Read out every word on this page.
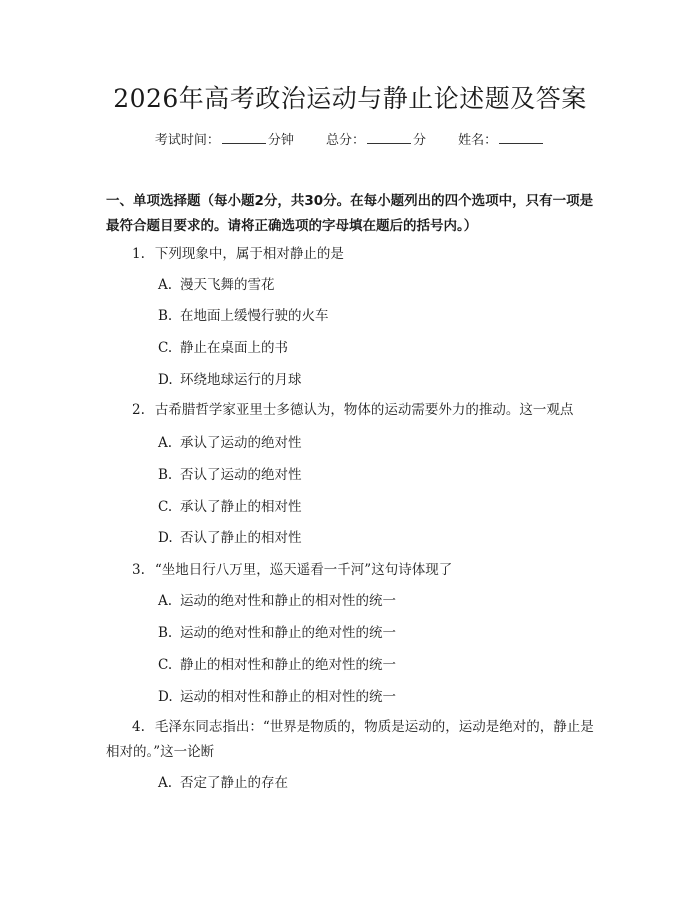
2026年高考政治运动与静止论述题及答案
考试时间：	分钟 总分：	分 姓名：
一、单项选择题（每小题2分，共30分。在每小题列出的四个选项中，只有一项是最符合题目要求的。请将正确选项的字母填在题后的括号内。）
1. 下列现象中，属于相对静止的是
A. 漫天飞舞的雪花
B. 在地面上缓慢行驶的火车
C. 静止在桌面上的书
D. 环绕地球运行的月球
2. 古希腊哲学家亚里士多德认为，物体的运动需要外力的推动。这一观点
A. 承认了运动的绝对性
B. 否认了运动的绝对性
C. 承认了静止的相对性
D. 否认了静止的相对性
3. “坐地日行八万里，巡天遥看一千河”这句诗体现了
A. 运动的绝对性和静止的相对性的统一
B. 运动的绝对性和静止的绝对性的统一
C. 静止的相对性和静止的绝对性的统一
D. 运动的相对性和静止的相对性的统一
4. 毛泽东同志指出：“世界是物质的，物质是运动的，运动是绝对的，静止是相对的。”这一论断
A. 否定了静止的存在
